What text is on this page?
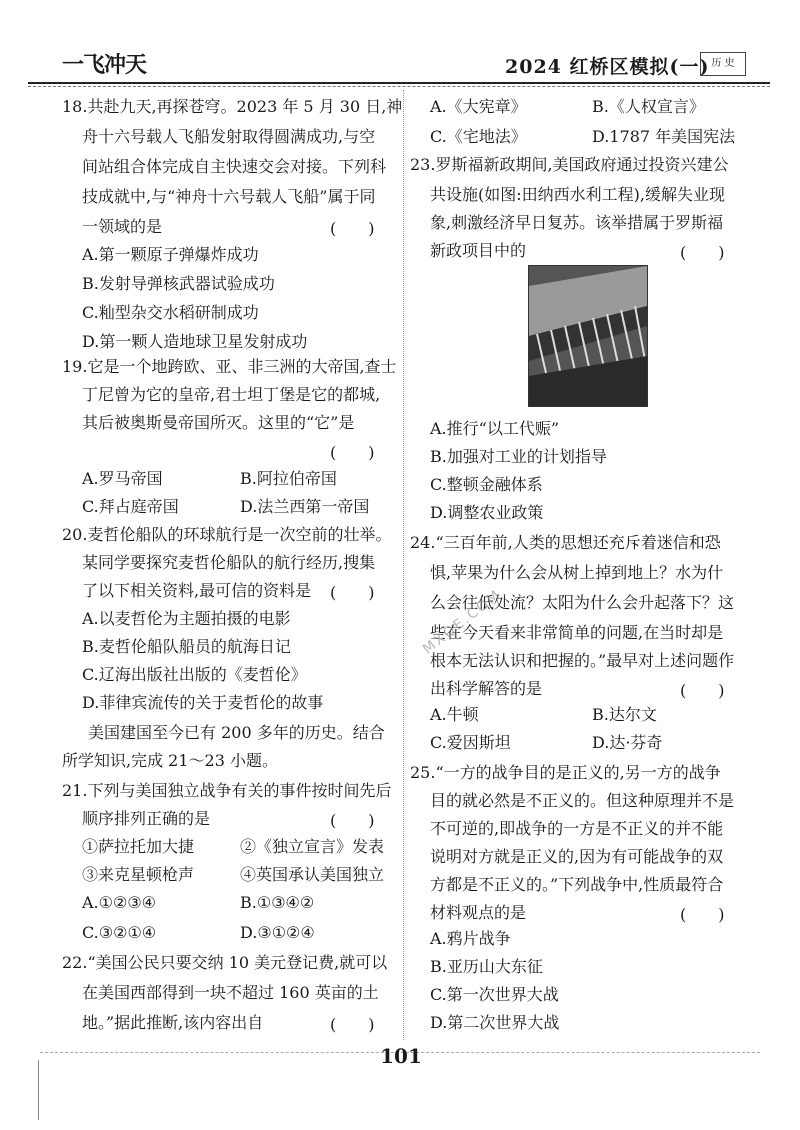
一飞冲天	2024 红桥区模拟(一) 历 史
18.共赴九天,再探苍穹。2023 年 5 月 30 日,神
舟十六号载人飞船发射取得圆满成功,与空
间站组合体完成自主快速交会对接。下列科
技成就中,与“神舟十六号载人飞船”属于同
一领域的是	(　　)
A.第一颗原子弹爆炸成功
B.发射导弹核武器试验成功
C.籼型杂交水稻研制成功
D.第一颗人造地球卫星发射成功
19.它是一个地跨欧、亚、非三洲的大帝国,查士
丁尼曾为它的皇帝,君士坦丁堡是它的都城,
其后被奥斯曼帝国所灭。这里的“它”是
(　　)
A.罗马帝国	B.阿拉伯帝国
C.拜占庭帝国	D.法兰西第一帝国
20.麦哲伦船队的环球航行是一次空前的壮举。
某同学要探究麦哲伦船队的航行经历,搜集
了以下相关资料,最可信的资料是 (　　)
A.以麦哲伦为主题拍摄的电影
B.麦哲伦船队船员的航海日记
C.辽海出版社出版的《麦哲伦》
D.菲律宾流传的关于麦哲伦的故事
美国建国至今已有 200 多年的历史。结合
所学知识,完成 21～23 小题。
21.下列与美国独立战争有关的事件按时间先后
顺序排列正确的是	(　　)
①萨拉托加大捷	②《独立宣言》发表
③来克星顿枪声	④英国承认美国独立
A.①②③④	B.①③④②
C.③②①④	D.③①②④
22.“美国公民只要交纳 10 美元登记费,就可以
在美国西部得到一块不超过 160 英亩的土
地。”据此推断,该内容出自	(　　)
A.《大宪章》	B.《人权宣言》
C.《宅地法》	D.1787 年美国宪法
23.罗斯福新政期间,美国政府通过投资兴建公
共设施(如图:田纳西水利工程),缓解失业现
象,刺激经济早日复苏。该举措属于罗斯福
新政项目中的	(　　)
A.推行“以工代赈”
B.加强对工业的计划指导
C.整顿金融体系
D.调整农业政策
24.“三百年前,人类的思想还充斥着迷信和恐
惧,苹果为什么会从树上掉到地上？水为什
么会往低处流？太阳为什么会升起落下？这
些在今天看来非常简单的问题,在当时却是
根本无法认识和把握的。”最早对上述问题作
出科学解答的是	(　　)
A.牛顿	B.达尔文
C.爱因斯坦	D.达·芬奇
25.“一方的战争目的是正义的,另一方的战争
目的就必然是不正义的。但这种原理并不是
不可逆的,即战争的一方是不正义的并不能
说明对方就是正义的,因为有可能战争的双
方都是不正义的。”下列战争中,性质最符合
材料观点的是	(　　)
A.鸦片战争
B.亚历山大东征
C.第一次世界大战
D.第二次世界大战
MXQE.COM
101
